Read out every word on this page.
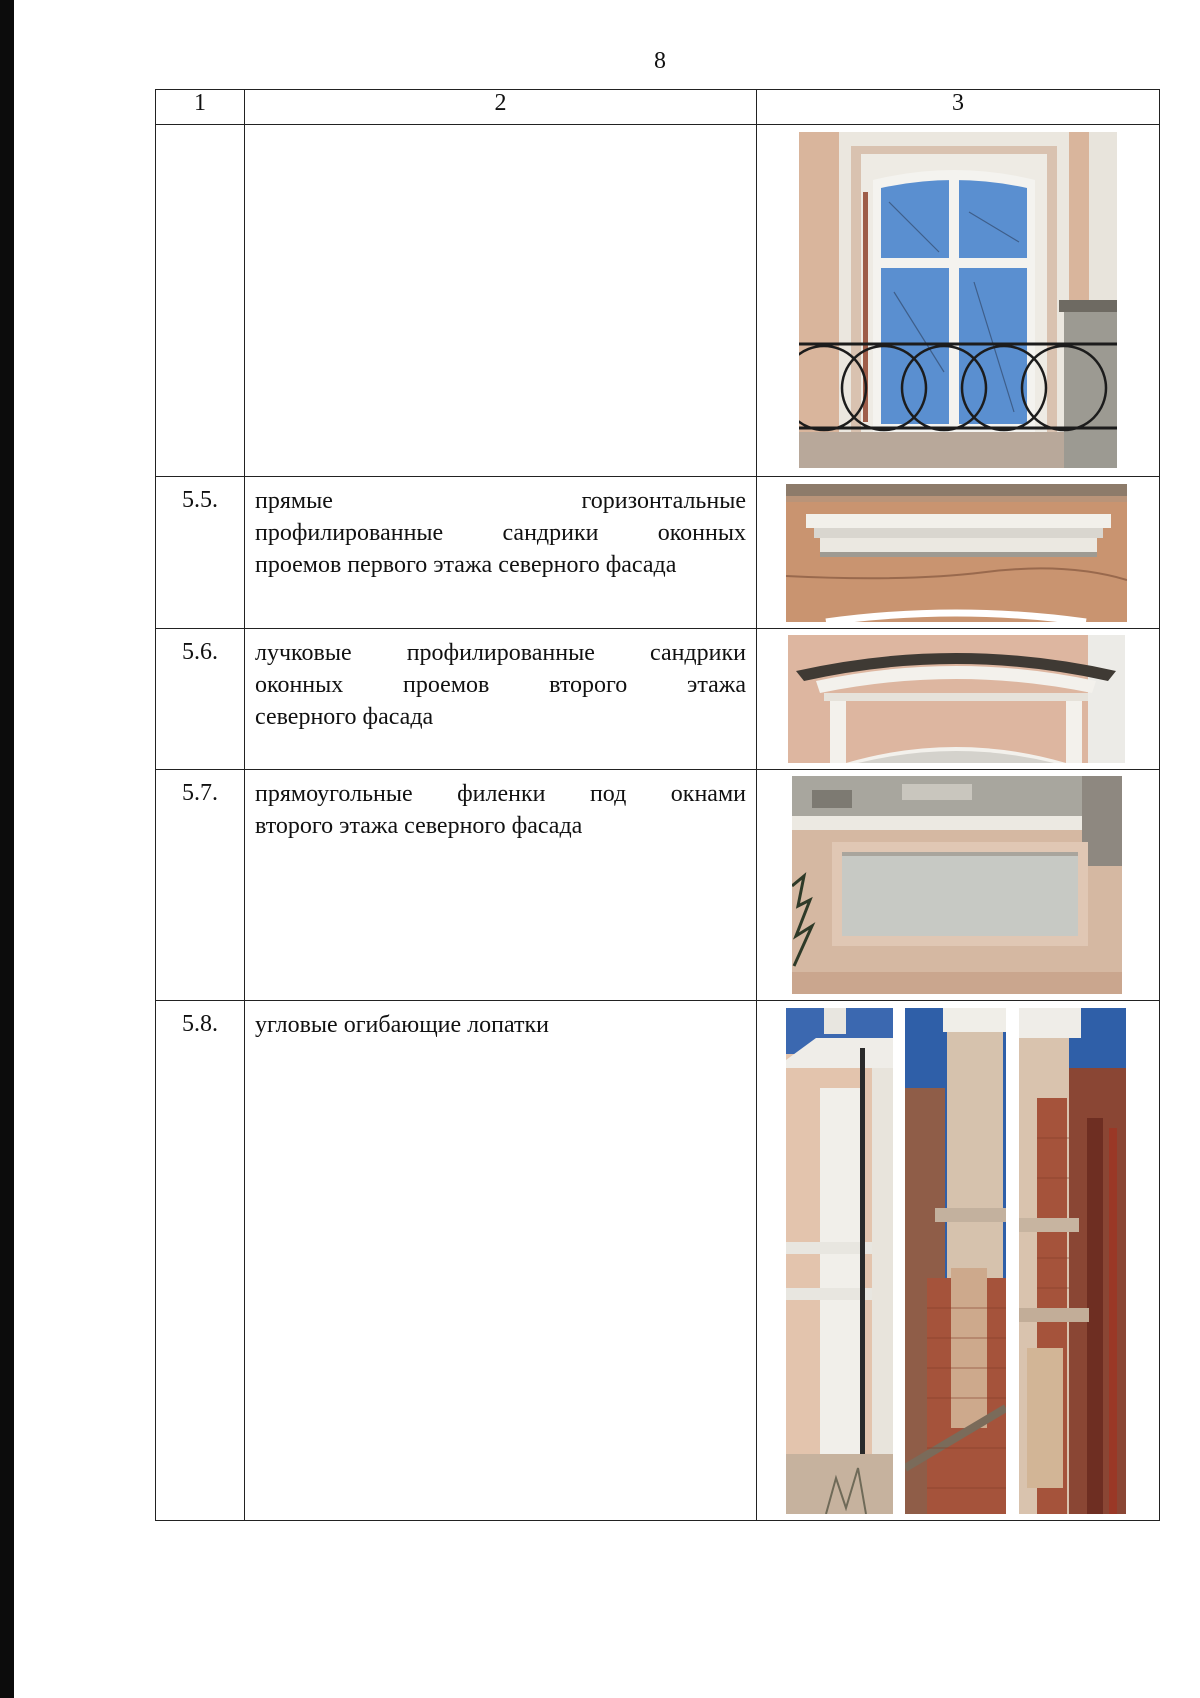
8
1	2	3

5.5.	прямые горизонтальные
профилированные сандрики оконных
проемов первого этажа северного фасада	

5.6.	лучковые профилированные сандрики
оконных проемов второго этажа
северного фасада	

5.7.	прямоугольные филенки под окнами
второго этажа северного фасада	

5.8.	угловые огибающие лопатки	
